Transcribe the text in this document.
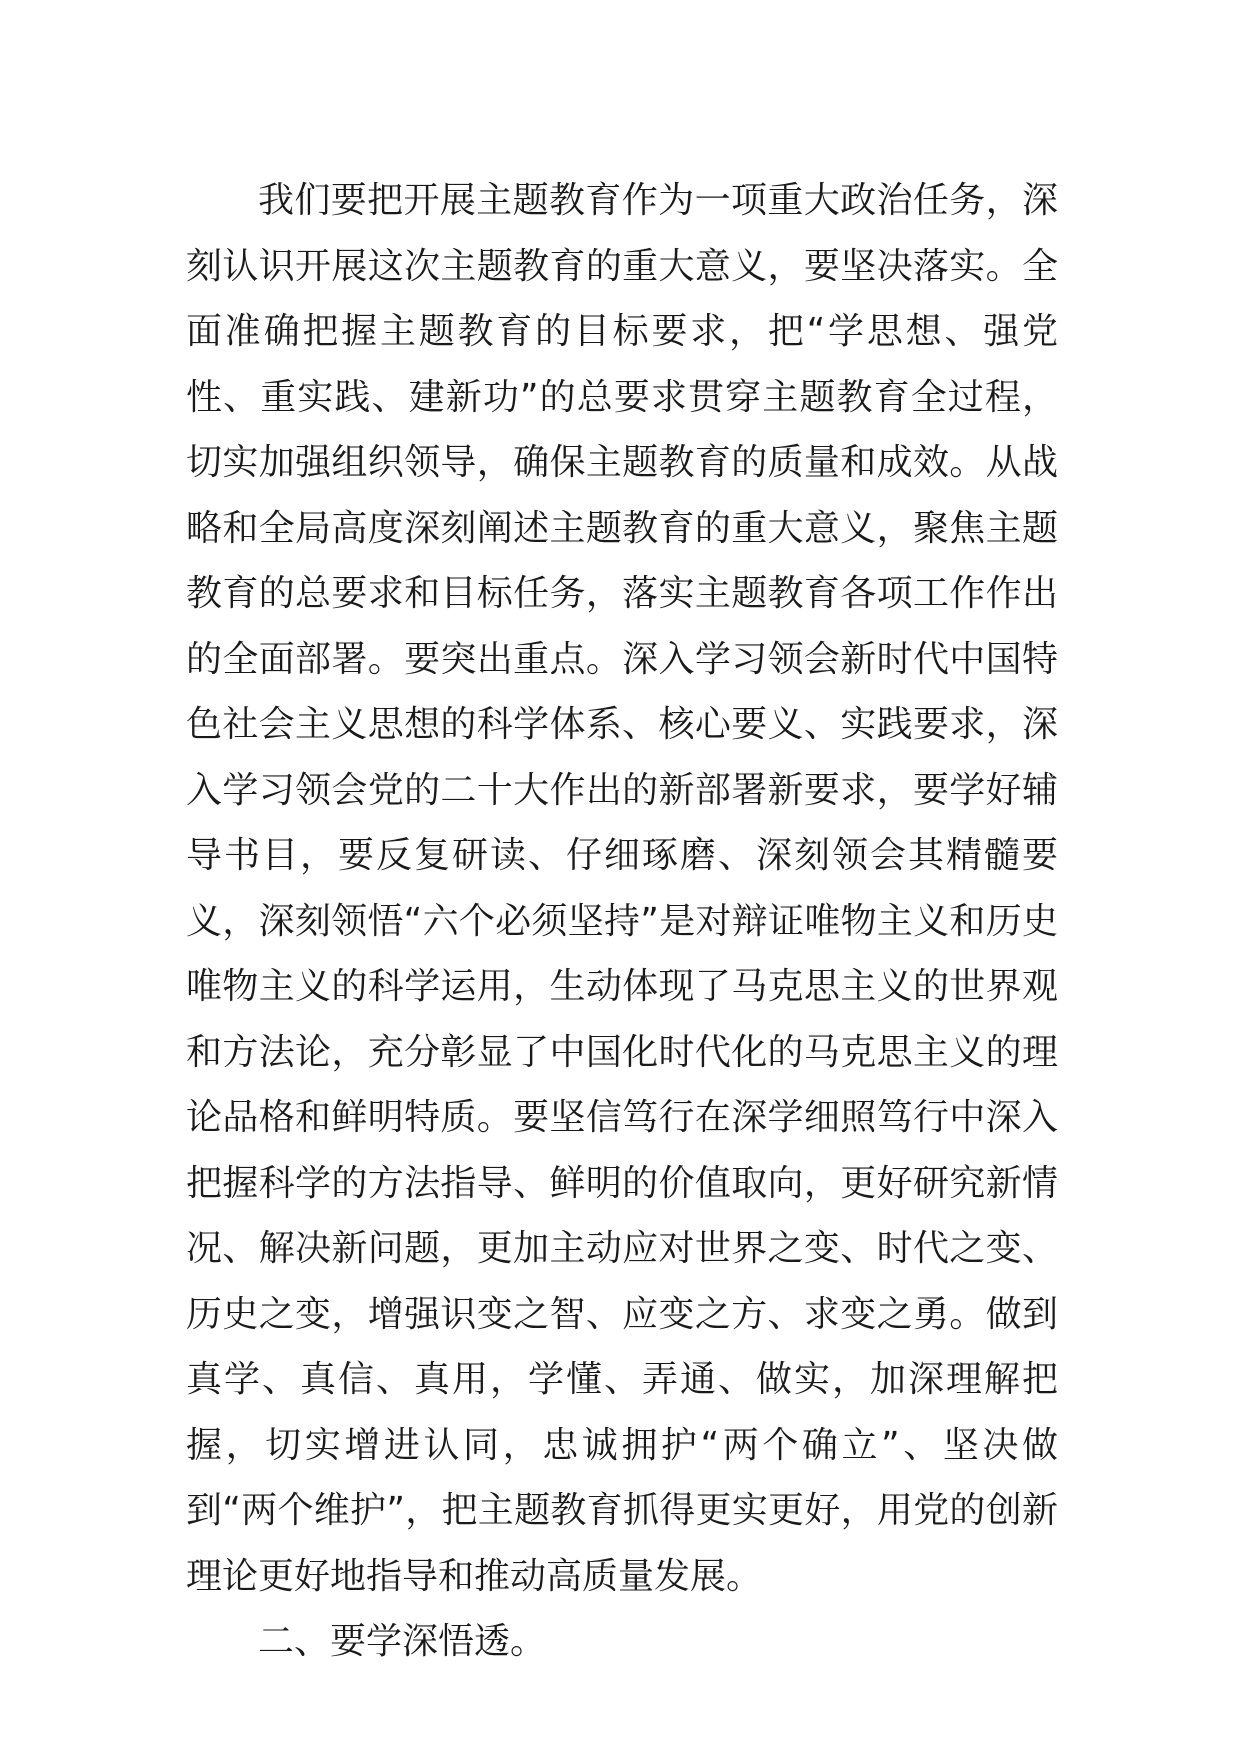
我们要把开展主题教育作为一项重大政治任务，深刻认识开展这次主题教育的重大意义，要坚决落实。全面准确把握主题教育的目标要求，把“学思想、强党性、重实践、建新功”的总要求贯穿主题教育全过程，切实加强组织领导，确保主题教育的质量和成效。从战略和全局高度深刻阐述主题教育的重大意义，聚焦主题教育的总要求和目标任务，落实主题教育各项工作作出的全面部署。要突出重点。深入学习领会新时代中国特色社会主义思想的科学体系、核心要义、实践要求，深入学习领会党的二十大作出的新部署新要求，要学好辅导书目，要反复研读、仔细琢磨、深刻领会其精髓要义，深刻领悟“六个必须坚持”是对辩证唯物主义和历史唯物主义的科学运用，生动体现了马克思主义的世界观和方法论，充分彰显了中国化时代化的马克思主义的理论品格和鲜明特质。要坚信笃行在深学细照笃行中深入把握科学的方法指导、鲜明的价值取向，更好研究新情况、解决新问题，更加主动应对世界之变、时代之变、历史之变，增强识变之智、应变之方、求变之勇。做到真学、真信、真用，学懂、弄通、做实，加深理解把握，切实增进认同，忠诚拥护“两个确立”、坚决做到“两个维护”，把主题教育抓得更实更好，用党的创新理论更好地指导和推动高质量发展。

二、要学深悟透。
